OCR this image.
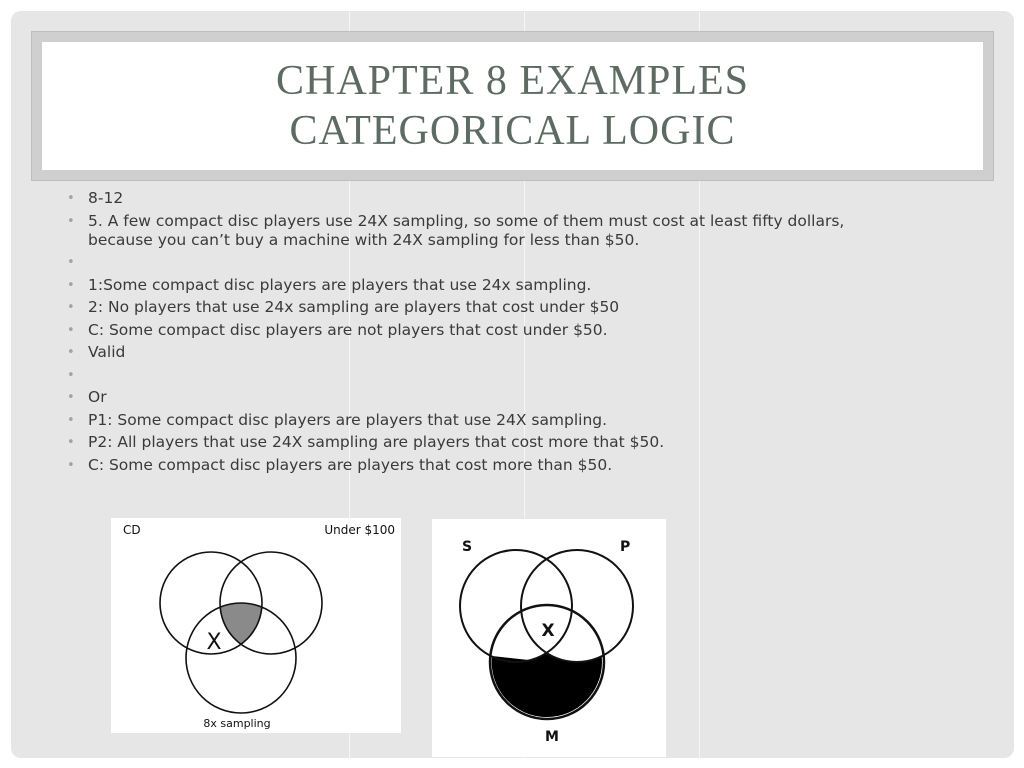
CHAPTER 8 EXAMPLES
CATEGORICAL LOGIC
• 8-12
• 5. A few compact disc players use 24X sampling, so some of them must cost at least fifty dollars, because you can’t buy a machine with 24X sampling for less than $50.
•
• 1:Some compact disc players are players that use 24x sampling.
• 2: No players that use 24x sampling are players that cost under $50
• C: Some compact disc players are not players that cost under $50.
• Valid
•
• Or
• P1: Some compact disc players are players that use 24X sampling.
• P2: All players that use 24X sampling are players that cost more that $50.
• C: Some compact disc players are players that cost more than $50.
CD	Under $100
8x sampling
X
S	P
M
X
